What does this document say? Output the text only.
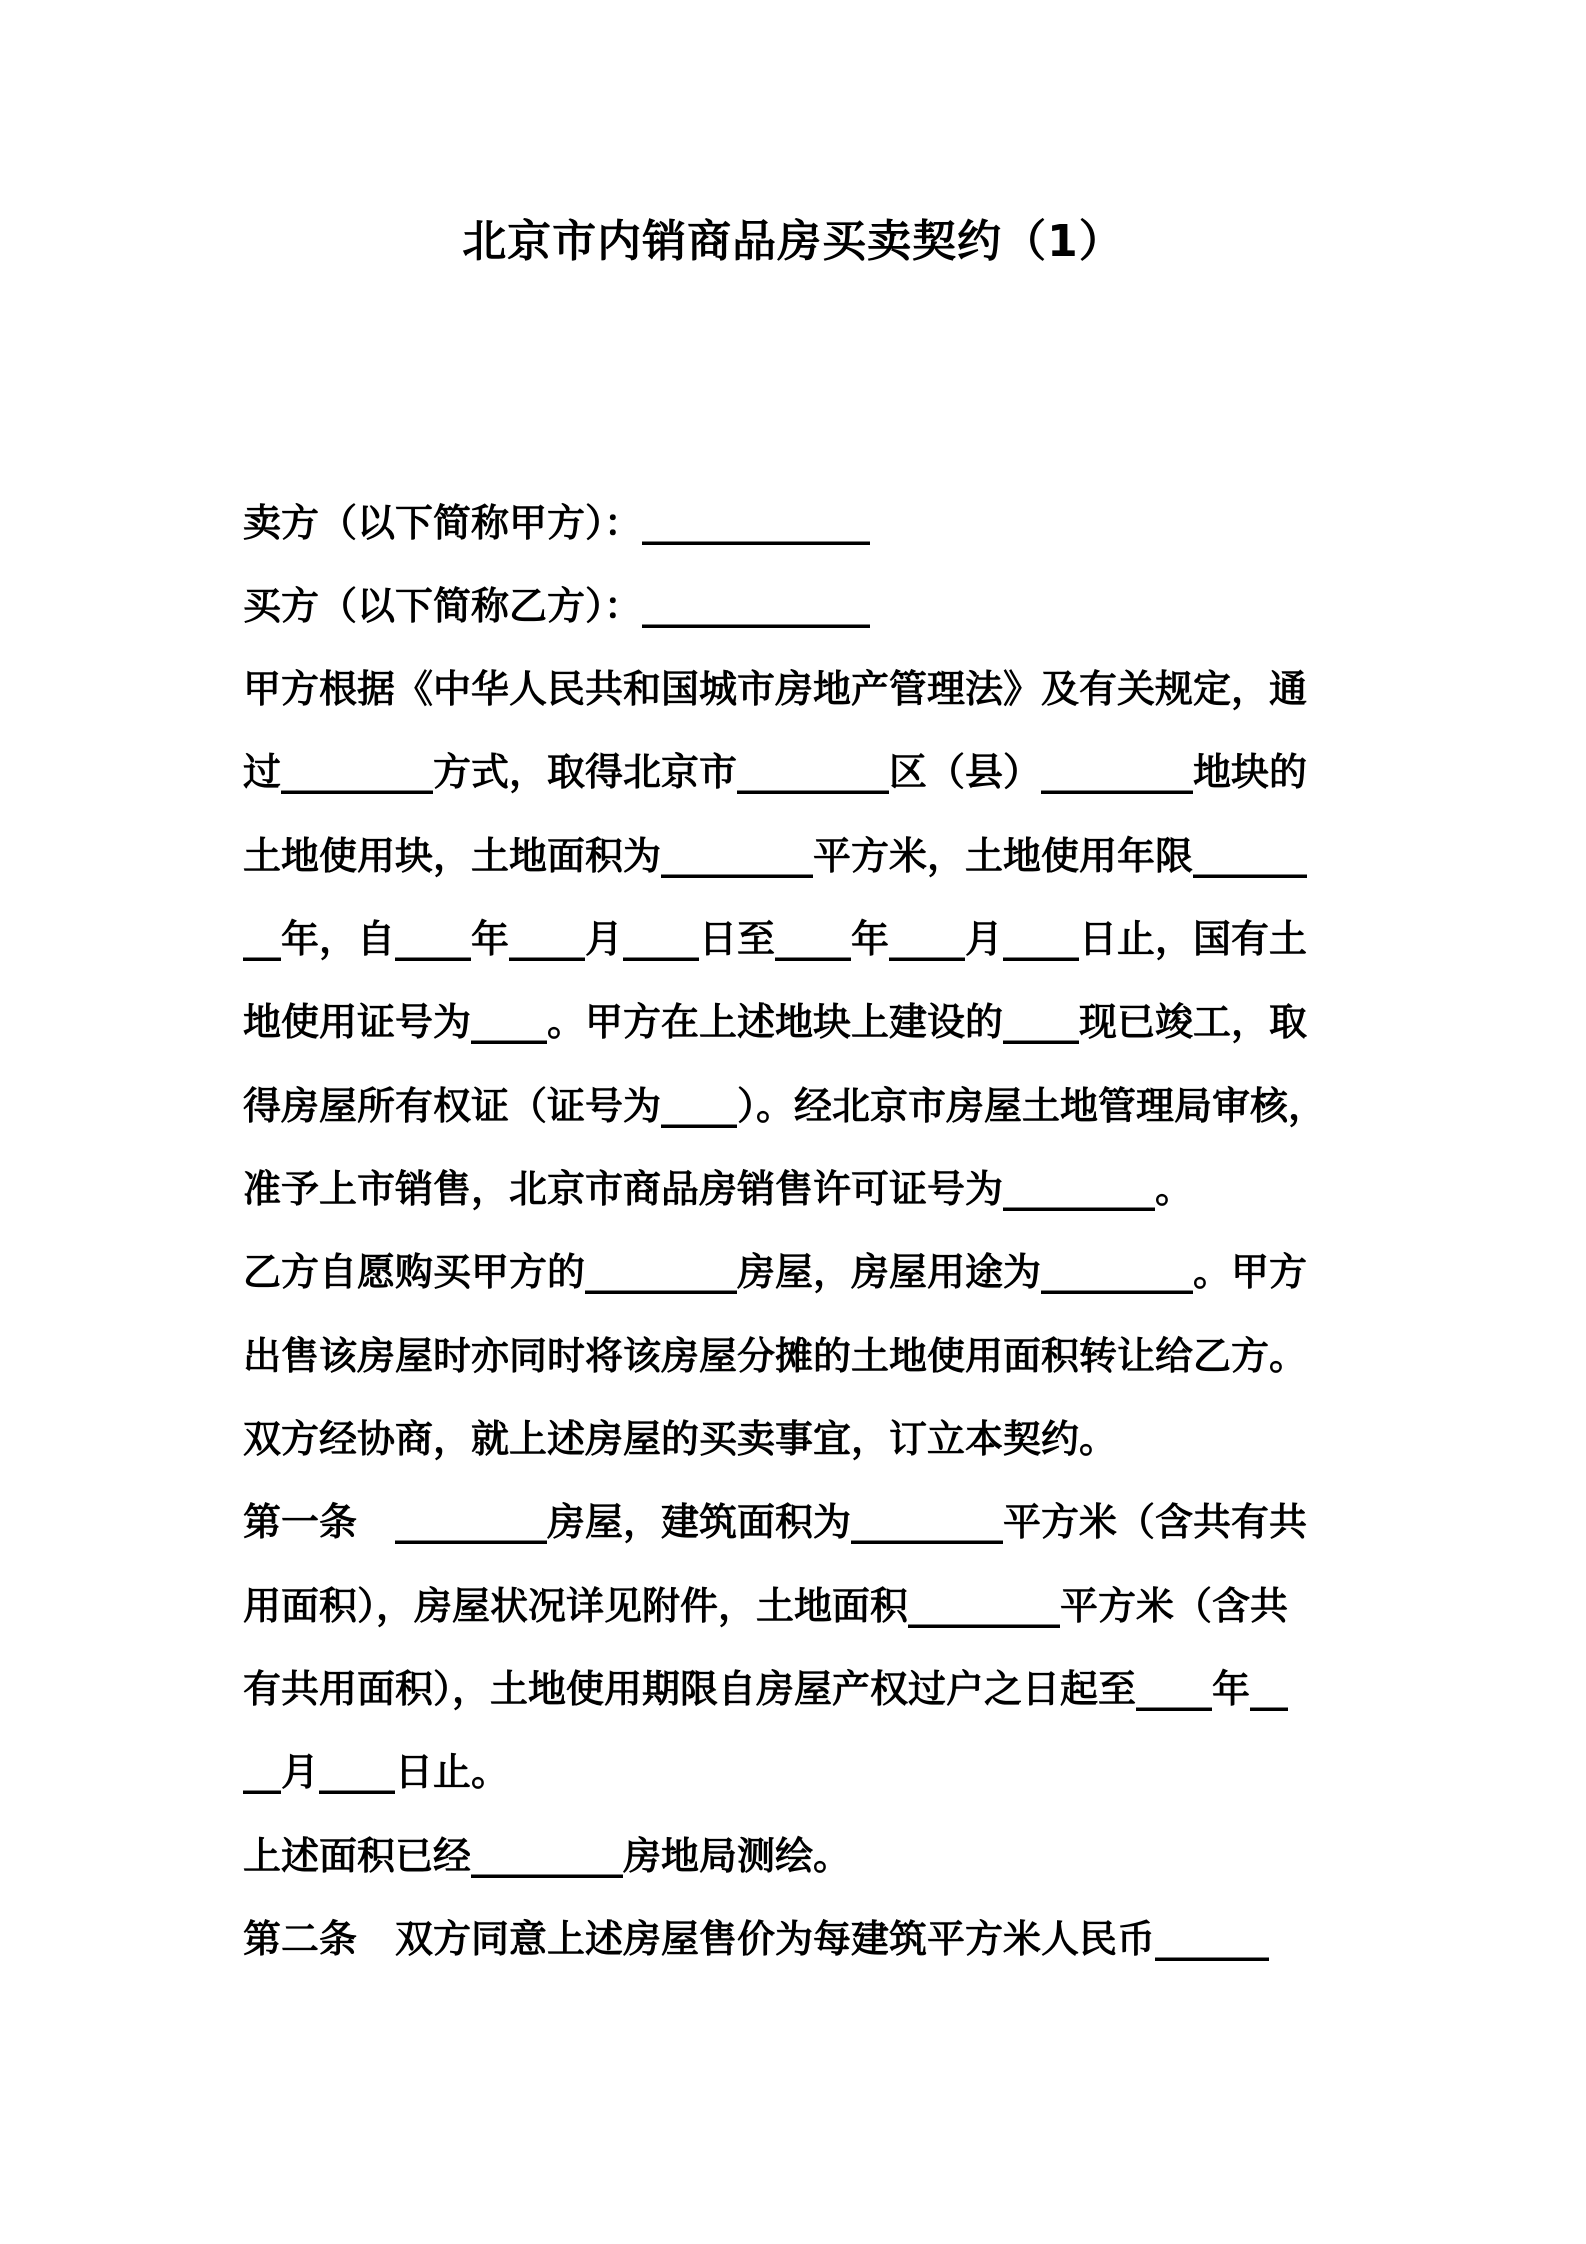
北京市内销商品房买卖契约（1）
卖方（以下简称甲方）：____________
买方（以下简称乙方）：____________
甲方根据《中华人民共和国城市房地产管理法》及有关规定，通
过________方式，取得北京市________区（县）________地块的
土地使用块，土地面积为________平方米，土地使用年限______
__年，自____年____月____日至____年____月____日止，国有土
地使用证号为____。甲方在上述地块上建设的____现已竣工，取
得房屋所有权证（证号为____）。经北京市房屋土地管理局审核，
准予上市销售，北京市商品房销售许可证号为________。
乙方自愿购买甲方的________房屋，房屋用途为________。甲方
出售该房屋时亦同时将该房屋分摊的土地使用面积转让给乙方。
双方经协商，就上述房屋的买卖事宜，订立本契约。
第一条　________房屋，建筑面积为________平方米（含共有共
用面积），房屋状况详见附件，土地面积________平方米（含共
有共用面积），土地使用期限自房屋产权过户之日起至____年__
__月____日止。
上述面积已经________房地局测绘。
第二条　双方同意上述房屋售价为每建筑平方米人民币______
